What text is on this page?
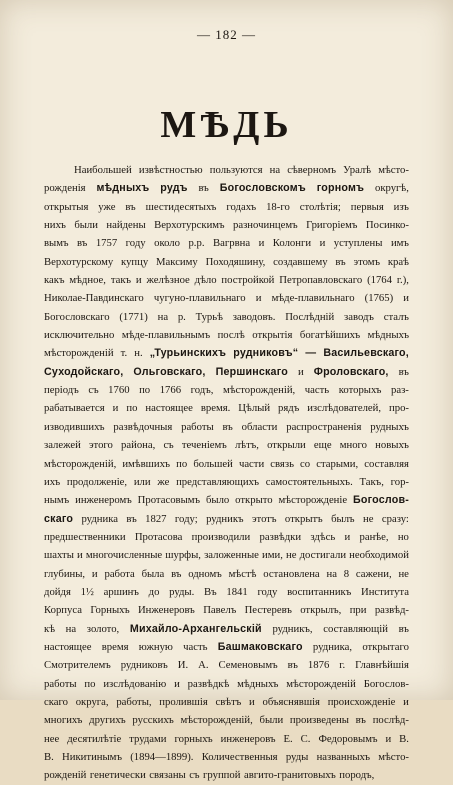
— 182 —
МѢДЬ
Наибольшей извѣстностью пользуются на сѣверномъ Уралѣ мѣсто-
рожденія мѣдныхъ рудъ въ Богословскомъ горномъ округѣ,
открытыя уже въ шестидесятыхъ годахъ 18-го столѣтія; первыя изъ
нихъ были найдены Верхотурскимъ разночинцемъ Григоріемъ Посинко-
вымъ въ 1757 году около р.р. Вагрвна и Колонги и уступлены имъ
Верхотурскому купцу Максиму Походяшину, создавшему въ этомъ краѣ
какъ мѣдное, такъ и желѣзное дѣло постройкой Петропавловскаго (1764 г.),
Николае-Павдинскаго чугуно-плавильнаго и мѣде-плавильнаго (1765) и
Богословскаго (1771) на р. Турьѣ заводовъ. Послѣдній заводъ сталъ
исключительно мѣде-плавильнымъ послѣ открытія богатѣйшихъ мѣдныхъ
мѣсторожденій т. н. „Турьинскихъ рудниковъ“ — Васильевскаго,
Суходойскаго, Ольговскаго, Першинскаго и Фроловскаго, въ
періодъ съ 1760 по 1766 годъ, мѣсторожденій, часть которыхъ раз-
рабатывается и по настоящее время. Цѣлый рядъ изслѣдователей, про-
изводившихъ развѣдочныя работы въ области распространенія рудныхъ
залежей этого района, съ теченіемъ лѣтъ, открыли еще много новыхъ
мѣсторожденій, имѣвшихъ по большей части связь со старыми, составляя
ихъ продолженіе, или же представляющихъ самостоятельныхъ. Такъ, гор-
нымъ инженеромъ Протасовымъ было открыто мѣсторожденіе Богослов-
скаго рудника въ 1827 году; рудникъ этотъ открытъ былъ не сразу:
предшественники Протасова производили развѣдки здѣсь и ранѣе, но
шахты и многочисленные шурфы, заложенные ими, не достигали необходимой
глубины, и работа была въ одномъ мѣстѣ остановлена на 8 сажени, не
дойдя 1½ аршинъ до руды. Въ 1841 году воспитанникъ Института
Корпуса Горныхъ Инженеровъ Павелъ Пестеревъ открылъ, при развѣд-
кѣ на золото, Михайло-Архангельскій рудникъ, составляющій въ
настоящее время южную часть Башмаковскаго рудника, открытаго
Смотрителемъ рудниковъ И. А. Семеновымъ въ 1876 г. Главнѣйшія
работы по изслѣдованію и развѣдкѣ мѣдныхъ мѣсторожденій Богослов-
скаго округа, работы, пролившія свѣтъ и объяснявшія происхожденіе и
многихъ другихъ русскихъ мѣсторожденій, были произведены въ послѣд-
нее десятилѣтіе трудами горныхъ инженеровъ Е. С. Федоровымъ и В.
В. Никитинымъ (1894—1899). Количественныя руды названныхъ мѣсто-
рожденій генетически связаны съ группой авгито-гранитовыхъ породъ,
